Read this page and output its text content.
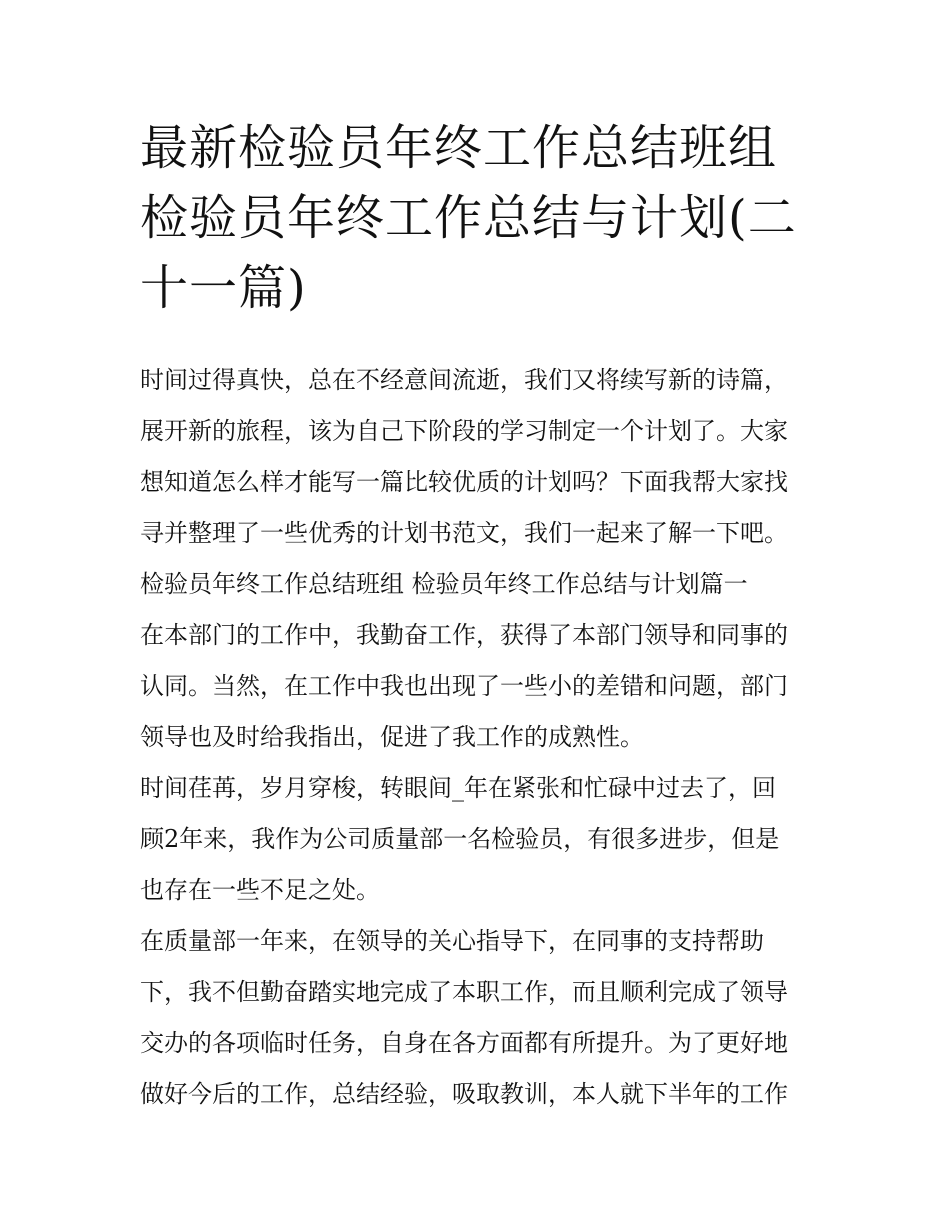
最新检验员年终工作总结班组
检验员年终工作总结与计划(二
十一篇)

时间过得真快，总在不经意间流逝，我们又将续写新的诗篇，
展开新的旅程，该为自己下阶段的学习制定一个计划了。大家
想知道怎么样才能写一篇比较优质的计划吗？下面我帮大家找
寻并整理了一些优秀的计划书范文，我们一起来了解一下吧。

检验员年终工作总结班组 检验员年终工作总结与计划篇一

在本部门的工作中，我勤奋工作，获得了本部门领导和同事的
认同。当然，在工作中我也出现了一些小的差错和问题，部门
领导也及时给我指出，促进了我工作的成熟性。

时间荏苒，岁月穿梭，转眼间_年在紧张和忙碌中过去了，回
顾2年来，我作为公司质量部一名检验员，有很多进步，但是
也存在一些不足之处。

在质量部一年来，在领导的关心指导下，在同事的支持帮助
下，我不但勤奋踏实地完成了本职工作，而且顺利完成了领导
交办的各项临时任务，自身在各方面都有所提升。为了更好地
做好今后的工作，总结经验，吸取教训，本人就下半年的工作
